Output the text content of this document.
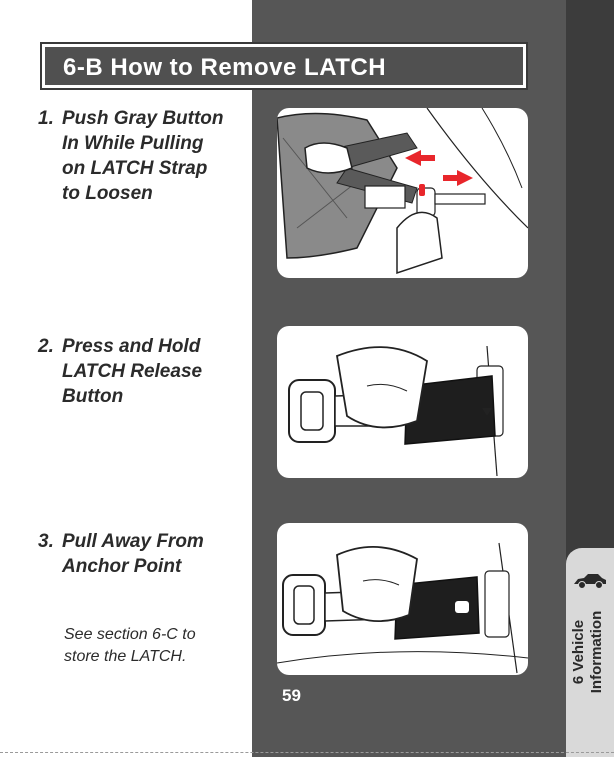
6 Vehicle Information
6-B How to Remove LATCH

1. Push Gray Button
In While Pulling
on LATCH Strap
to Loosen

2. Press and Hold
LATCH Release
Button

3. Pull Away From
Anchor Point

See section 6-C to
store the LATCH.
59
